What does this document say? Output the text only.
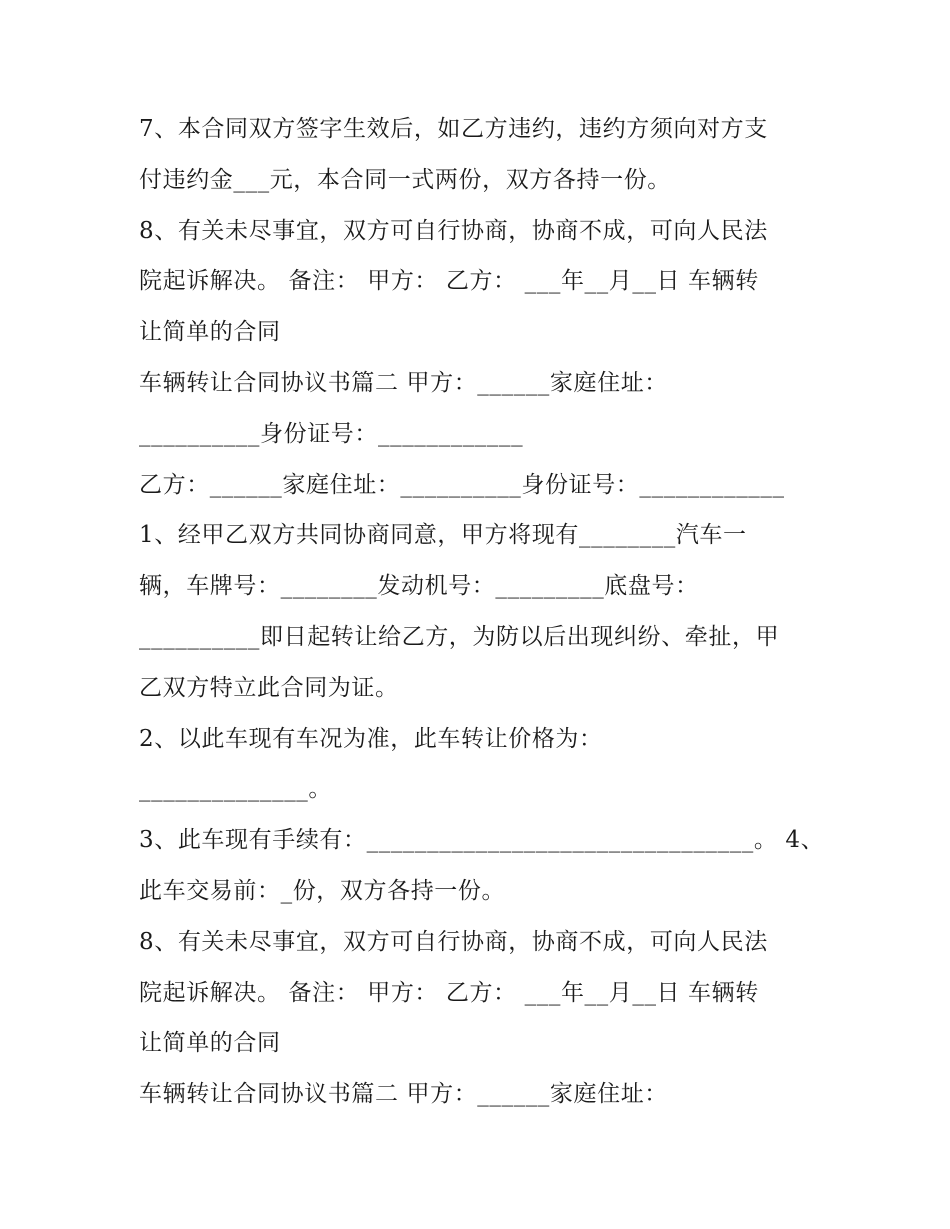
7、本合同双方签字生效后，如乙方违约，违约方须向对方支
付违约金___元，本合同一式两份，双方各持一份。
8、有关未尽事宜，双方可自行协商，协商不成，可向人民法
院起诉解决。 备注： 甲方： 乙方： ___年__月__日 车辆转
让简单的合同
车辆转让合同协议书篇二 甲方：______家庭住址：
__________身份证号：____________
乙方：______家庭住址：__________身份证号：____________
1、经甲乙双方共同协商同意，甲方将现有________汽车一
辆，车牌号：________发动机号：_________底盘号：
__________即日起转让给乙方，为防以后出现纠纷、牵扯，甲
乙双方特立此合同为证。
2、以此车现有车况为准，此车转让价格为：
______________。
3、此车现有手续有：________________________________。 4、
此车交易前：_份，双方各持一份。
8、有关未尽事宜，双方可自行协商，协商不成，可向人民法
院起诉解决。 备注： 甲方： 乙方： ___年__月__日 车辆转
让简单的合同
车辆转让合同协议书篇二 甲方：______家庭住址：
